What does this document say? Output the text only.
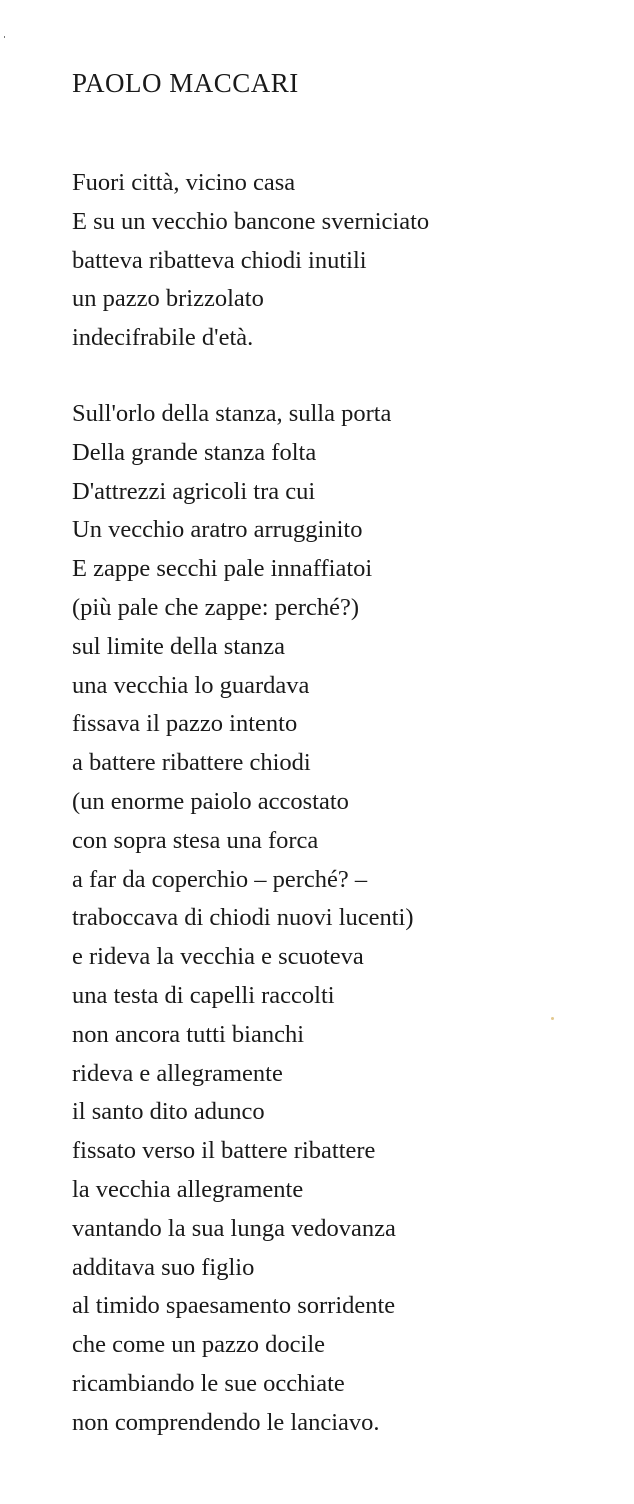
PAOLO MACCARI
Fuori città, vicino casa
E su un vecchio bancone sverniciato
batteva ribatteva chiodi inutili
un pazzo brizzolato
indecifrabile d'età.
Sull'orlo della stanza, sulla porta
Della grande stanza folta
D'attrezzi agricoli tra cui
Un vecchio aratro arrugginito
E zappe secchi pale innaffiatoi
(più pale che zappe: perché?)
sul limite della stanza
una vecchia lo guardava
fissava il pazzo intento
a battere ribattere chiodi
(un enorme paiolo accostato
con sopra stesa una forca
a far da coperchio – perché? –
traboccava di chiodi nuovi lucenti)
e rideva la vecchia e scuoteva
una testa di capelli raccolti
non ancora tutti bianchi
rideva e allegramente
il santo dito adunco
fissato verso il battere ribattere
la vecchia allegramente
vantando la sua lunga vedovanza
additava suo figlio
al timido spaesamento sorridente
che come un pazzo docile
ricambiando le sue occhiate
non comprendendo le lanciavo.
